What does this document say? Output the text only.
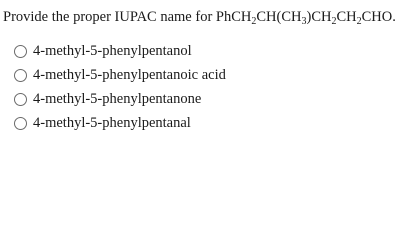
Provide the proper IUPAC name for $PhCH_2CH(CH_3)CH_2CH_2CHO$.
4-methyl-5-phenylpentanol
4-methyl-5-phenylpentanoic acid
4-methyl-5-phenylpentanone
4-methyl-5-phenylpentanal
